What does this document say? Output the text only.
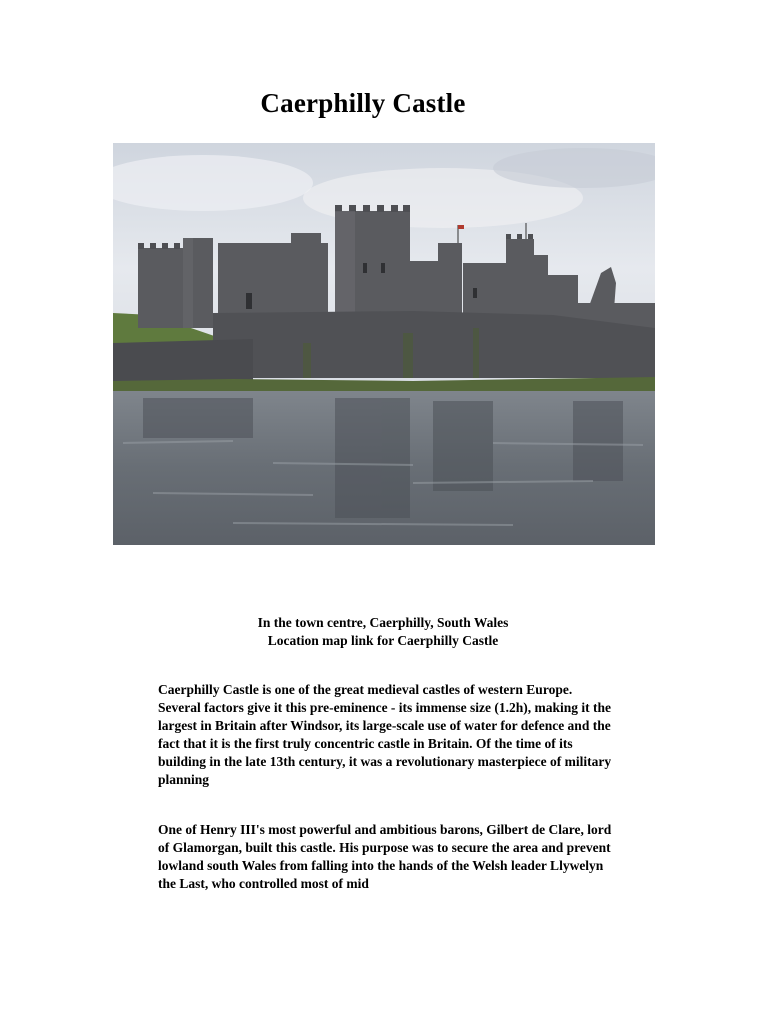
Caerphilly Castle
In the town centre, Caerphilly, South Wales
Location map link for Caerphilly Castle

Caerphilly Castle is one of the great medieval castles of western Europe. Several factors give it this pre-eminence - its immense size (1.2h), making it the largest in Britain after Windsor, its large-scale use of water for defence and the fact that it is the first truly concentric castle in Britain. Of the time of its building in the late 13th century, it was a revolutionary masterpiece of military planning

One of Henry III's most powerful and ambitious barons, Gilbert de Clare, lord of Glamorgan, built this castle. His purpose was to secure the area and prevent lowland south Wales from falling into the hands of the Welsh leader Llywelyn the Last, who controlled most of mid
